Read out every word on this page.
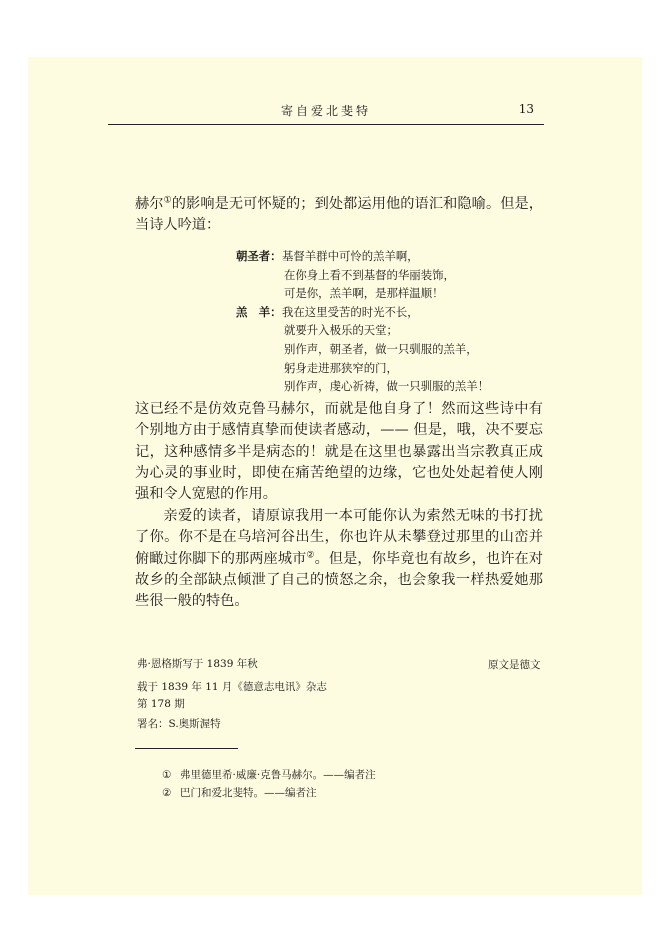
寄自爱北斐特	13

赫尔①的影响是无可怀疑的；到处都运用他的语汇和隐喻。但是，当诗人吟道：

朝圣者： 基督羊群中可怜的羔羊啊，
在你身上看不到基督的华丽装饰，
可是你，羔羊啊，是那样温顺！
羔　羊： 我在这里受苦的时光不长，
就要升入极乐的天堂；
别作声，朝圣者，做一只驯服的羔羊，
躬身走进那狭窄的门，
别作声，虔心祈祷，做一只驯服的羔羊！

这已经不是仿效克鲁马赫尔，而就是他自身了！然而这些诗中有个别地方由于感情真挚而使读者感动，—— 但是，哦，决不要忘记，这种感情多半是病态的！就是在这里也暴露出当宗教真正成为心灵的事业时，即使在痛苦绝望的边缘，它也处处起着使人刚强和令人宽慰的作用。

亲爱的读者，请原谅我用一本可能你认为索然无味的书打扰了你。你不是在乌培河谷出生，你也许从未攀登过那里的山峦并俯瞰过你脚下的那两座城市②。但是，你毕竟也有故乡，也许在对故乡的全部缺点倾泄了自己的愤怒之余，也会象我一样热爱她那些很一般的特色。

弗·恩格斯写于 1839 年秋	原文是德文
载于 1839 年 11 月《德意志电讯》杂志
第 178 期
署名：S.奥斯渥特
① 弗里德里希·威廉·克鲁马赫尔。——编者注
② 巴门和爱北斐特。——编者注
